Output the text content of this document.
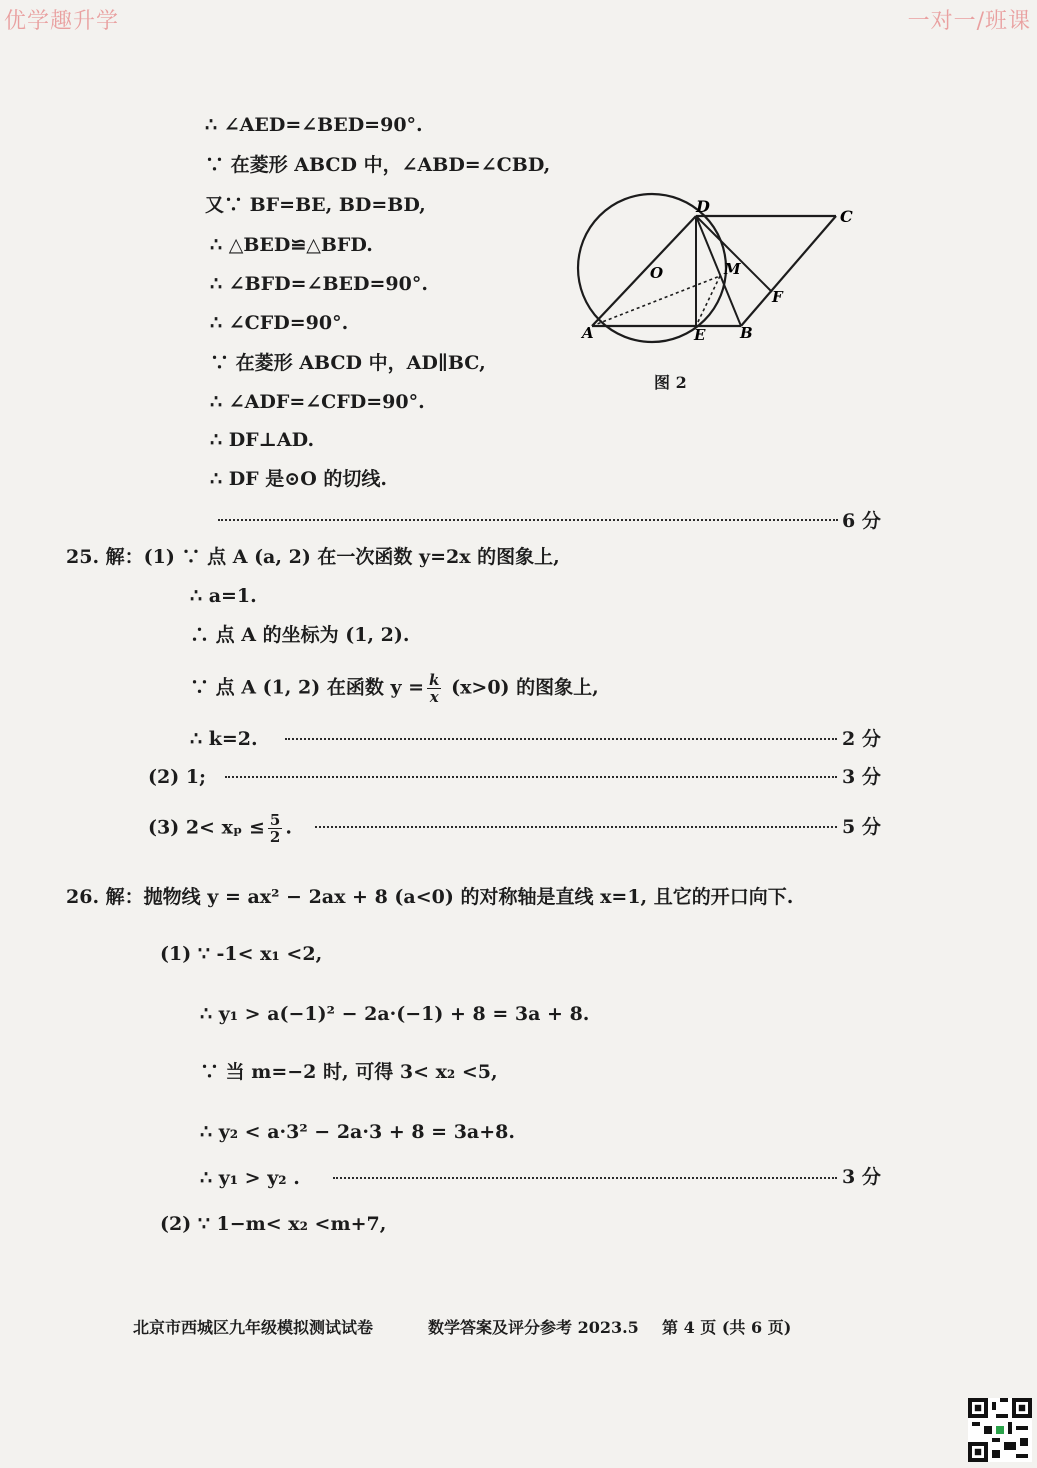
优学趣升学	一对一/班课
∴ ∠AED=∠BED=90°.
∵ 在菱形 ABCD 中，∠ABD=∠CBD,
又∵ BF=BE, BD=BD,
∴ △BED≌△BFD.
∴ ∠BFD=∠BED=90°.
∴ ∠CFD=90°.
∵ 在菱形 ABCD 中，AD∥BC,
∴ ∠ADF=∠CFD=90°.
∴ DF⊥AD.
∴ DF 是⊙O 的切线.
6 分
A	B
C
D
E
F
M
O
图 2
25. 解：(1) ∵ 点 A (a, 2) 在一次函数 y=2x 的图象上,
∴ a=1.
∴ 点 A 的坐标为 (1, 2).
∵ 点 A (1, 2) 在函数 $y = \frac{k}{x} (x>0)$ 的图象上,
∴ k=2.	2 分
(2) 1;	3 分
(3) $2< x_p \le \frac{5}{2}$ .	5 分
26. 解：抛物线 y = ax² − 2ax + 8 (a<0) 的对称轴是直线 x=1, 且它的开口向下.
(1) ∵ -1< x₁ <2,
∴ y₁ > a(−1)² − 2a·(−1) + 8 = 3a + 8.
∵ 当 m=−2 时, 可得 3< x₂ <5,
∴ y₂ < a·3² − 2a·3 + 8 = 3a+8.
∴ y₁ > y₂ .	3 分
(2) ∵ 1−m< x₂ <m+7,
北京市西城区九年级模拟测试试卷	数学答案及评分参考 2023.5 第 4 页 (共 6 页)
